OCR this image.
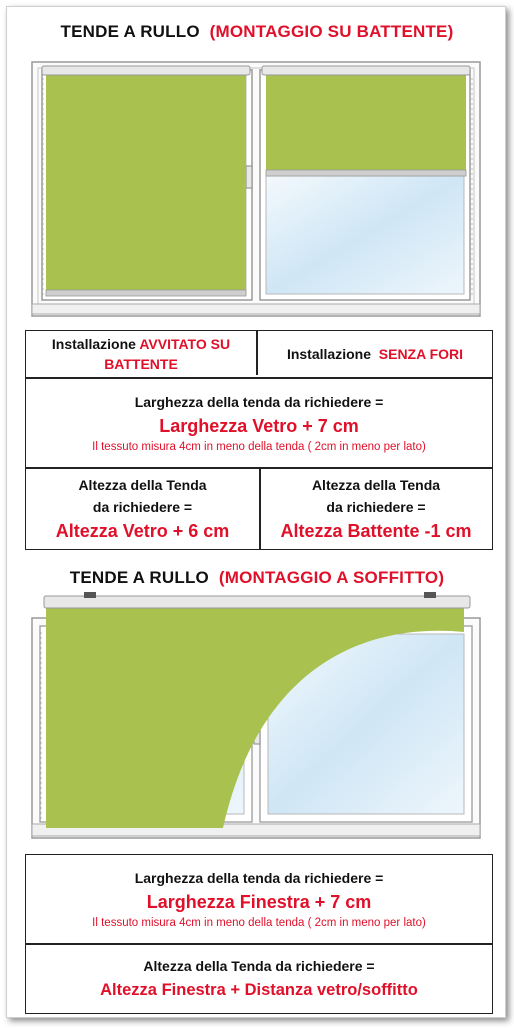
TENDE A RULLO (MONTAGGIO SU BATTENTE)
Installazione AVVITATO SU
BATTENTE
Installazione SENZA FORI
Larghezza della tenda da richiedere =
Larghezza Vetro + 7 cm
Il tessuto misura 4cm in meno della tenda ( 2cm in meno per lato)
Altezza della Tenda
da richiedere =
Altezza Vetro + 6 cm
Altezza della Tenda
da richiedere =
Altezza Battente -1 cm
TENDE A RULLO (MONTAGGIO A SOFFITTO)
Larghezza della tenda da richiedere =
Larghezza Finestra + 7 cm
Il tessuto misura 4cm in meno della tenda ( 2cm in meno per lato)
Altezza della Tenda da richiedere =
Altezza Finestra + Distanza vetro/soffitto
